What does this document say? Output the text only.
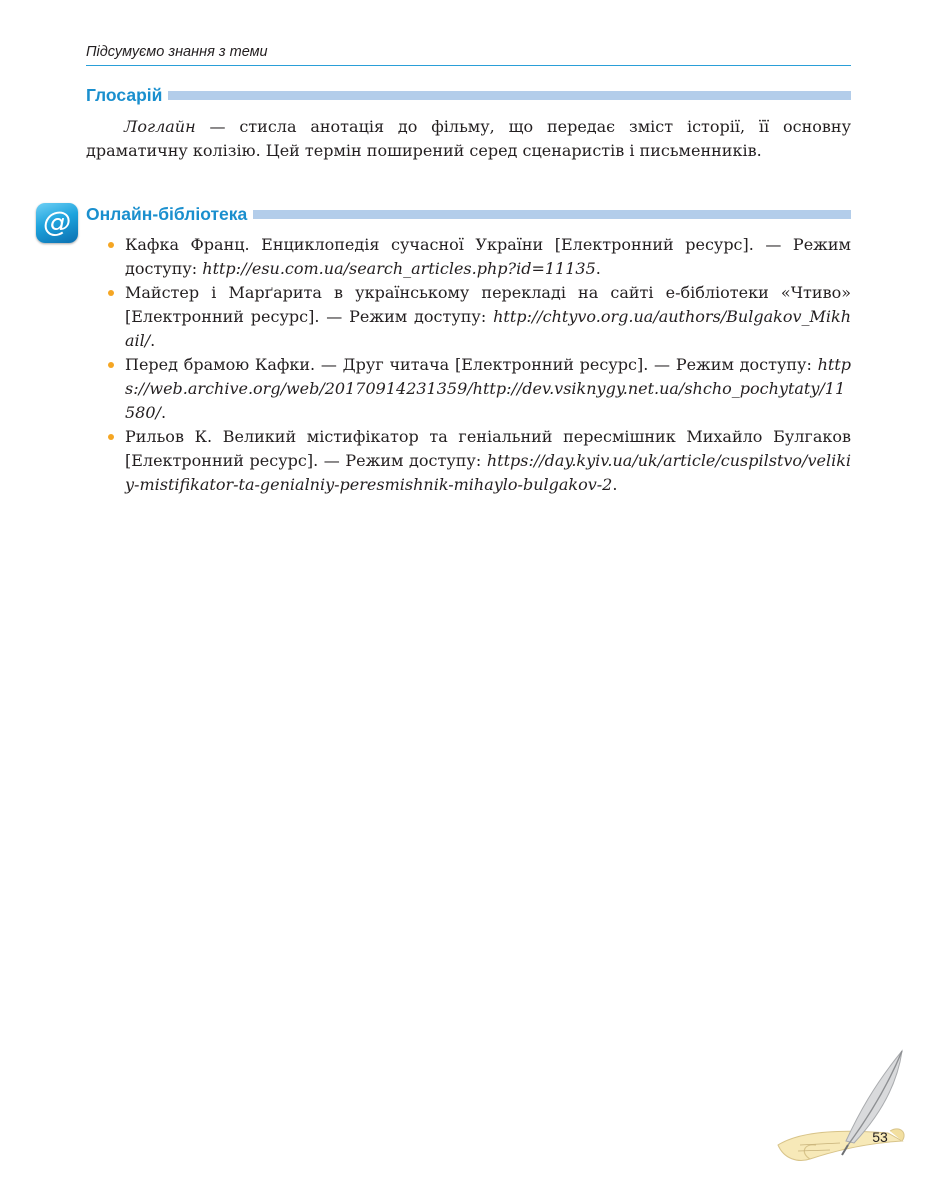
Підсумуємо знання з теми
Глосарій

Логлайн — стисла анотація до фільму, що передає зміст історії, її основну драматичну колізію. Цей термін поширений серед сценаристів і письменників.

@ Онлайн-бібліотека
Кафка Франц. Енциклопедія сучасної України [Електронний ресурс]. — Режим доступу: http://esu.com.ua/search_articles.php?id=11135.
Майстер і Марґарита в українському перекладі на сайті е-бібліотеки «Чтиво» [Електронний ресурс]. — Режим доступу: http://chtyvo.org.ua/authors/Bulgakov_Mikhail/.
Перед брамою Кафки. — Друг читача [Електронний ресурс]. — Режим доступу: https://web.archive.org/web/20170914231359/http://dev.vsiknygy.net.ua/shcho_pochytaty/11580/.
Рильов К. Великий містифікатор та геніальний пересмішник Михайло Булгаков [Електронний ресурс]. — Режим доступу: https://day.kyiv.ua/uk/article/cuspilstvo/velikiy-mistifikator-ta-genialniy-peresmishnik-mihaylo-bulgakov-2.
53
